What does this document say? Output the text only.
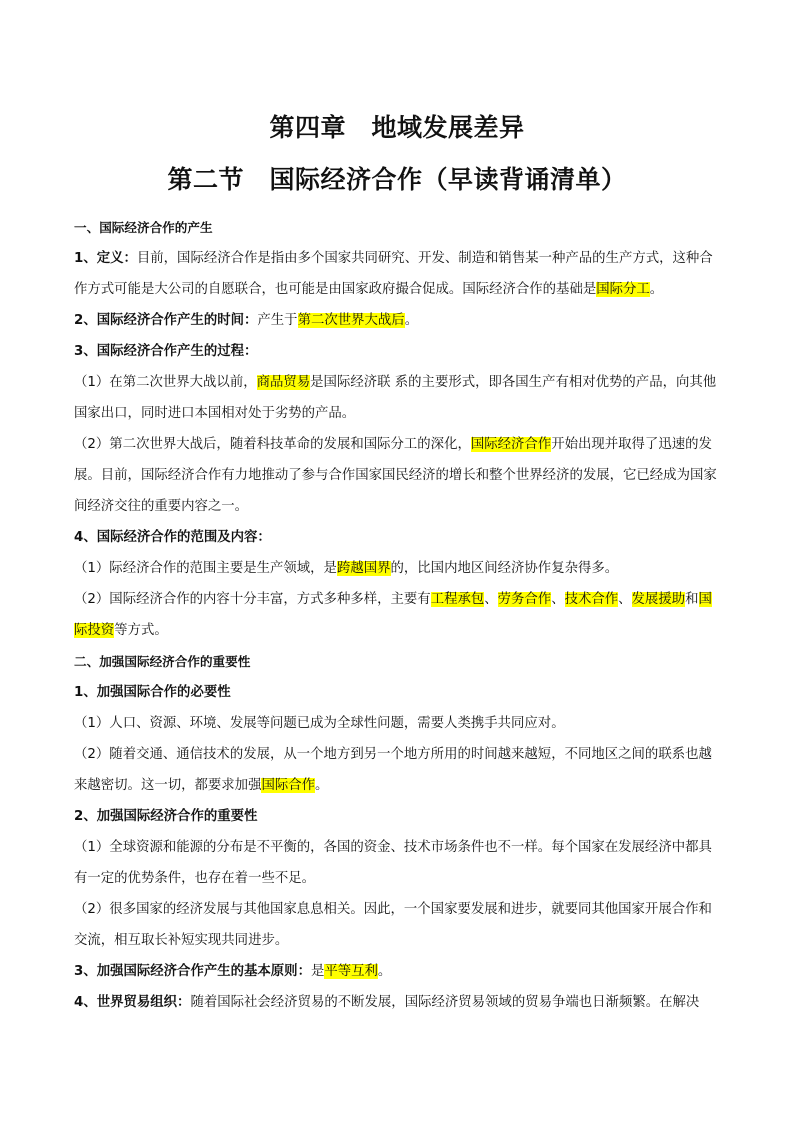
第四章　地域发展差异
第二节　国际经济合作（早读背诵清单）

一、国际经济合作的产生

1、定义：目前，国际经济合作是指由多个国家共同研究、开发、制造和销售某一种产品的生产方式，这种合作方式可能是大公司的自愿联合，也可能是由国家政府撮合促成。国际经济合作的基础是国际分工。

2、国际经济合作产生的时间：产生于第二次世界大战后。

3、国际经济合作产生的过程：

（1）在第二次世界大战以前，商品贸易是国际经济联 系的主要形式，即各国生产有相对优势的产品，向其他国家出口，同时进口本国相对处于劣势的产品。

（2）第二次世界大战后，随着科技革命的发展和国际分工的深化，国际经济合作开始出现并取得了迅速的发展。目前，国际经济合作有力地推动了参与合作国家国民经济的增长和整个世界经济的发展，它已经成为国家间经济交往的重要内容之一。

4、国际经济合作的范围及内容：

（1）际经济合作的范围主要是生产领域，是跨越国界的，比国内地区间经济协作复杂得多。

（2）国际经济合作的内容十分丰富，方式多种多样，主要有工程承包、劳务合作、技术合作、发展援助和国际投资等方式。

二、加强国际经济合作的重要性

1、加强国际合作的必要性

（1）人口、资源、环境、发展等问题已成为全球性问题，需要人类携手共同应对。

（2）随着交通、通信技术的发展，从一个地方到另一个地方所用的时间越来越短，不同地区之间的联系也越来越密切。这一切，都要求加强国际合作。

2、加强国际经济合作的重要性

（1）全球资源和能源的分布是不平衡的，各国的资金、技术市场条件也不一样。每个国家在发展经济中都具有一定的优势条件，也存在着一些不足。

（2）很多国家的经济发展与其他国家息息相关。因此，一个国家要发展和进步，就要同其他国家开展合作和交流，相互取长补短实现共同进步。

3、加强国际经济合作产生的基本原则：是平等互利。

4、世界贸易组织：随着国际社会经济贸易的不断发展，国际经济贸易领域的贸易争端也日渐频繁。在解决
